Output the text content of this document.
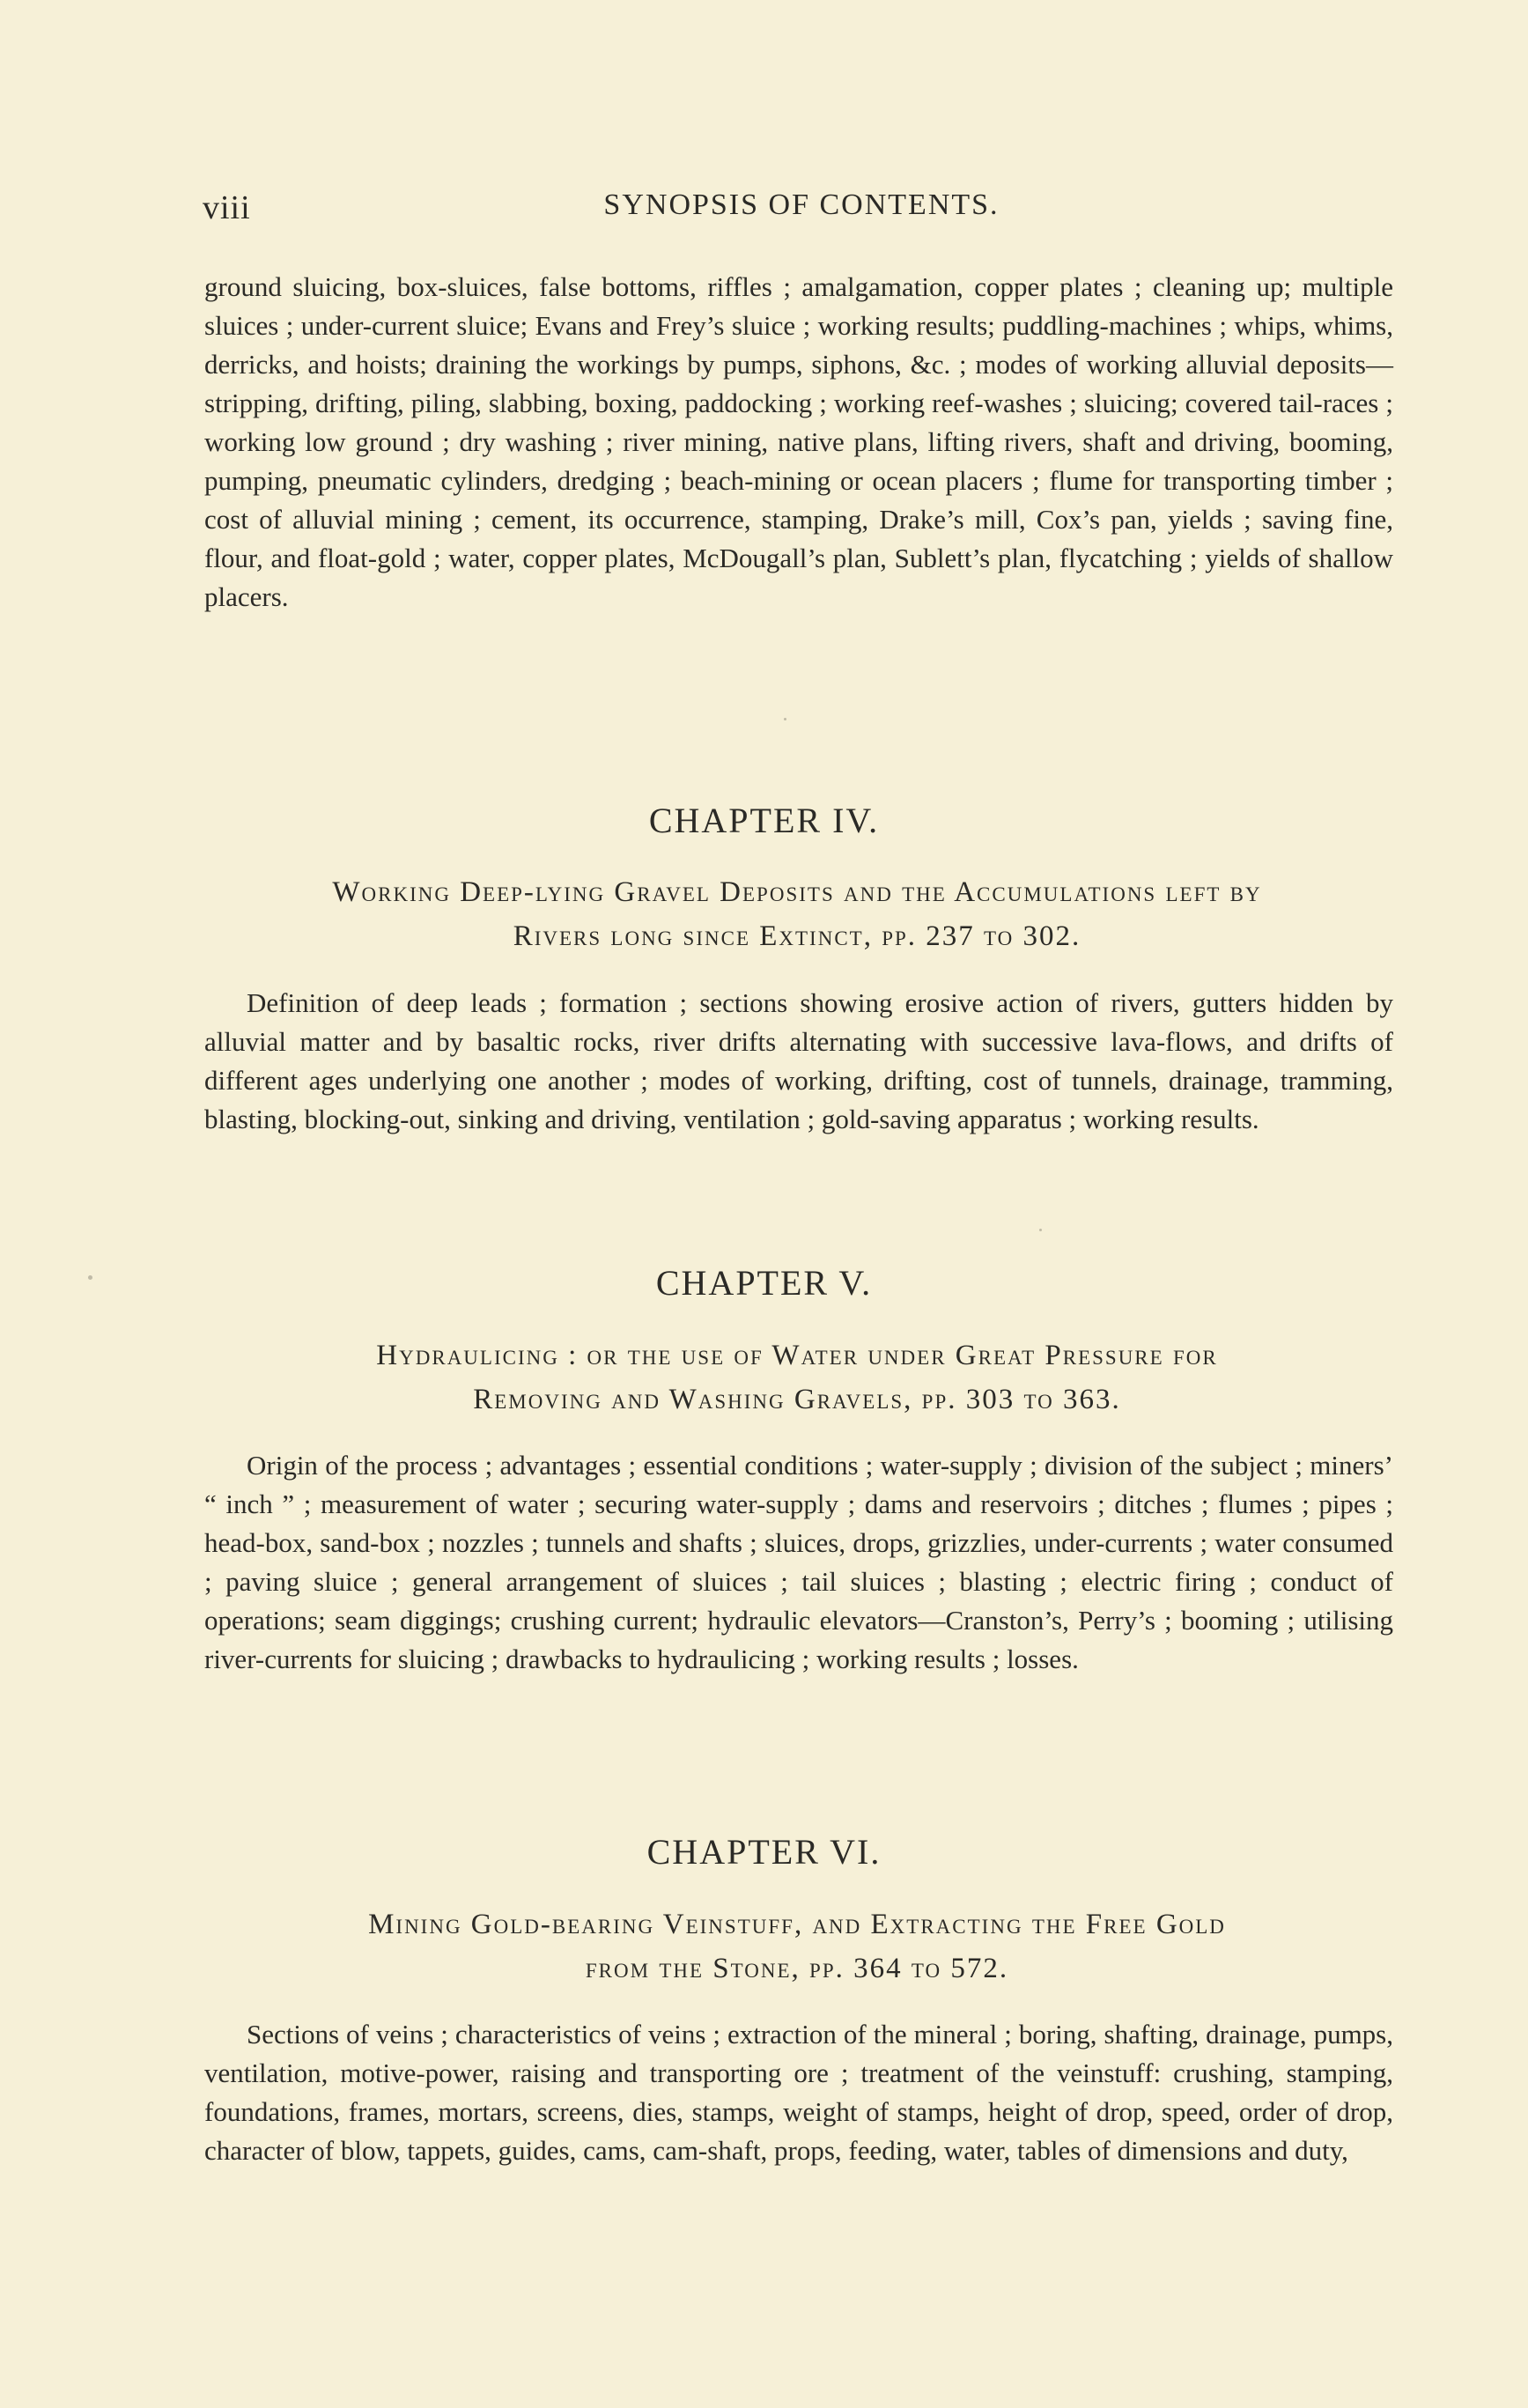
viii	SYNOPSIS OF CONTENTS.

ground sluicing, box-sluices, false bottoms, riffles ; amalgamation, copper plates ; cleaning up; multiple sluices ; under-current sluice; Evans and Frey’s sluice ; working results; puddling-machines ; whips, whims, derricks, and hoists; draining the workings by pumps, siphons, &c. ; modes of working alluvial deposits—stripping, drifting, piling, slabbing, boxing, paddocking ; working reef-washes ; sluicing; covered tail-races ; working low ground ; dry washing ; river mining, native plans, lifting rivers, shaft and driving, booming, pumping, pneumatic cylinders, dredging ; beach-mining or ocean placers ; flume for transporting timber ; cost of alluvial mining ; cement, its occurrence, stamping, Drake’s mill, Cox’s pan, yields ; saving fine, flour, and float-gold ; water, copper plates, McDougall’s plan, Sublett’s plan, flycatching ; yields of shallow placers.

CHAPTER IV.
Working Deep-lying Gravel Deposits and the Accumulations left by
Rivers long since Extinct, pp. 237 to 302.

Definition of deep leads ; formation ; sections showing erosive action of rivers, gutters hidden by alluvial matter and by basaltic rocks, river drifts alternating with successive lava-flows, and drifts of different ages underlying one another ; modes of working, drifting, cost of tunnels, drainage, tramming, blasting, blocking-out, sinking and driving, ventilation ; gold-saving apparatus ; working results.

CHAPTER V.
Hydraulicing : or the use of Water under Great Pressure for
Removing and Washing Gravels, pp. 303 to 363.

Origin of the process ; advantages ; essential conditions ; water-supply ; division of the subject ; miners’ “ inch ” ; measurement of water ; securing water-supply ; dams and reservoirs ; ditches ; flumes ; pipes ; head-box, sand-box ; nozzles ; tunnels and shafts ; sluices, drops, grizzlies, under-currents ; water consumed ; paving sluice ; general arrangement of sluices ; tail sluices ; blasting ; electric firing ; conduct of operations; seam diggings; crushing current; hydraulic elevators—Cranston’s, Perry’s ; booming ; utilising river-currents for sluicing ; drawbacks to hydraulicing ; working results ; losses.

CHAPTER VI.
Mining Gold-bearing Veinstuff, and Extracting the Free Gold
from the Stone, pp. 364 to 572.

Sections of veins ; characteristics of veins ; extraction of the mineral ; boring, shafting, drainage, pumps, ventilation, motive-power, raising and transporting ore ; treatment of the veinstuff: crushing, stamping, foundations, frames, mortars, screens, dies, stamps, weight of stamps, height of drop, speed, order of drop, character of blow, tappets, guides, cams, cam-shaft, props, feeding, water, tables of dimensions and duty,
